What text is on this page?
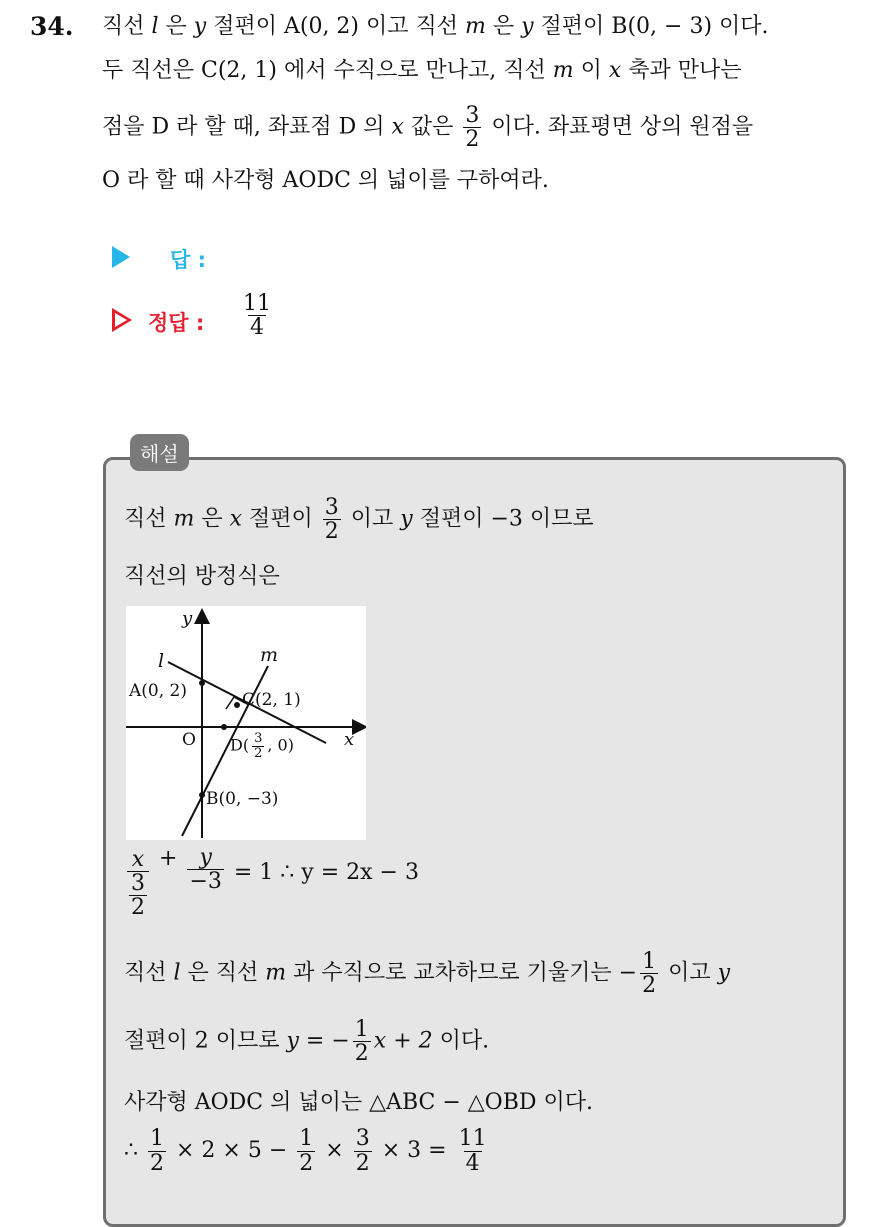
34. 직선 l 은 y 절편이 A(0, 2) 이고 직선 m 은 y 절편이 B(0, − 3) 이다.
두 직선은 C(2, 1) 에서 수직으로 만나고, 직선 m 이 x 축과 만나는
점을 D 라 할 때, 좌표점 D 의 x 값은 $\frac{3}{2}$ 이다. 좌표평면 상의 원점을
O 라 할 때 사각형 AODC 의 넓이를 구하여라.
답 :
정답 : $\frac{11}{4}$
해설
직선 m 은 x 절편이 $\frac{3}{2}$ 이고 y 절편이 −3 이므로
직선의 방정식은
y
x
l	m
A(0, 2)	C(2, 1)
O $D( \frac{3}{2}$ , 0)
B(0, −3)
x
3
$2 + \frac{y}{-3} = 1$ ∴ y = 2x − 3
직선 l 은 직선 m 과 수직으로 교차하므로 기울기는 − $\frac{1}{2}$ 이고 y
절편이 2 이므로 y = − $\frac{1}{2}$ x + 2 이다.
사각형 AODC 의 넓이는 △ABC − △OBD 이다.
∴ $\frac{1}{2} \times 2 \times 5 - \frac{1}{2} \times \frac{3}{2} \times 3 = \frac{11}{4}$
